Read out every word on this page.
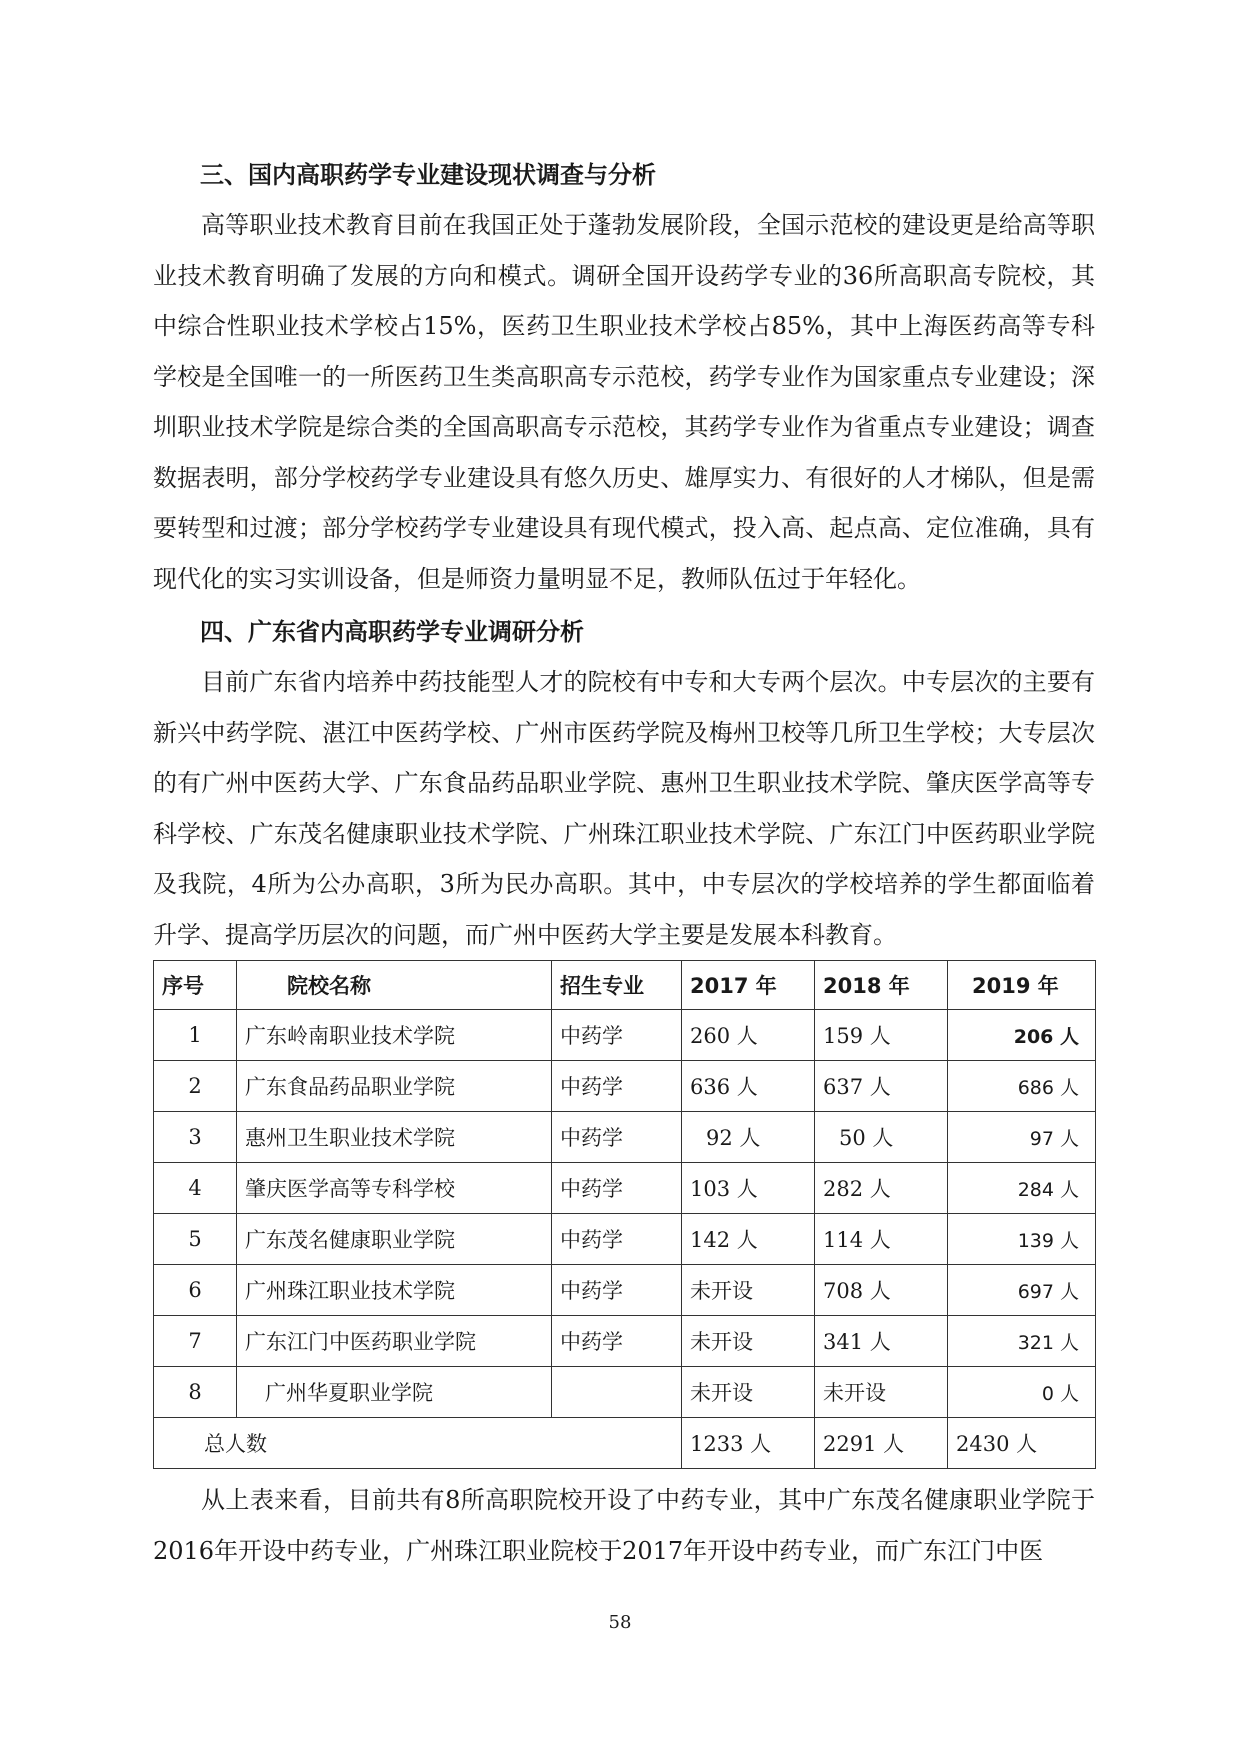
三、国内高职药学专业建设现状调查与分析
高等职业技术教育目前在我国正处于蓬勃发展阶段，全国示范校的建设更是给高等职业技术教育明确了发展的方向和模式。调研全国开设药学专业的36所高职高专院校，其中综合性职业技术学校占15%，医药卫生职业技术学校占85%，其中上海医药高等专科学校是全国唯一的一所医药卫生类高职高专示范校，药学专业作为国家重点专业建设；深圳职业技术学院是综合类的全国高职高专示范校，其药学专业作为省重点专业建设；调查数据表明，部分学校药学专业建设具有悠久历史、雄厚实力、有很好的人才梯队，但是需要转型和过渡；部分学校药学专业建设具有现代模式，投入高、起点高、定位准确，具有现代化的实习实训设备，但是师资力量明显不足，教师队伍过于年轻化。
四、广东省内高职药学专业调研分析
目前广东省内培养中药技能型人才的院校有中专和大专两个层次。中专层次的主要有新兴中药学院、湛江中医药学校、广州市医药学院及梅州卫校等几所卫生学校；大专层次的有广州中医药大学、广东食品药品职业学院、惠州卫生职业技术学院、肇庆医学高等专科学校、广东茂名健康职业技术学院、广州珠江职业技术学院、广东江门中医药职业学院及我院，4所为公办高职，3所为民办高职。其中，中专层次的学校培养的学生都面临着升学、提高学历层次的问题，而广州中医药大学主要是发展本科教育。
序号	院校名称	招生专业	2017 年	2018 年	2019 年
1	广东岭南职业技术学院	中药学	260 人	159 人	206 人
2	广东食品药品职业学院	中药学	636 人	637 人	686 人
3	惠州卫生职业技术学院	中药学	92 人	50 人	97 人
4	肇庆医学高等专科学校	中药学	103 人	282 人	284 人
5	广东茂名健康职业学院	中药学	142 人	114 人	139 人
6	广州珠江职业技术学院	中药学	未开设	708 人	697 人
7	广东江门中医药职业学院	中药学	未开设	341 人	321 人
8	广州华夏职业学院		未开设	未开设	0 人
总人数			1233 人	2291 人	2430 人
从上表来看，目前共有8所高职院校开设了中药专业，其中广东茂名健康职业学院于2016年开设中药专业，广州珠江职业院校于2017年开设中药专业，而广东江门中医
58
